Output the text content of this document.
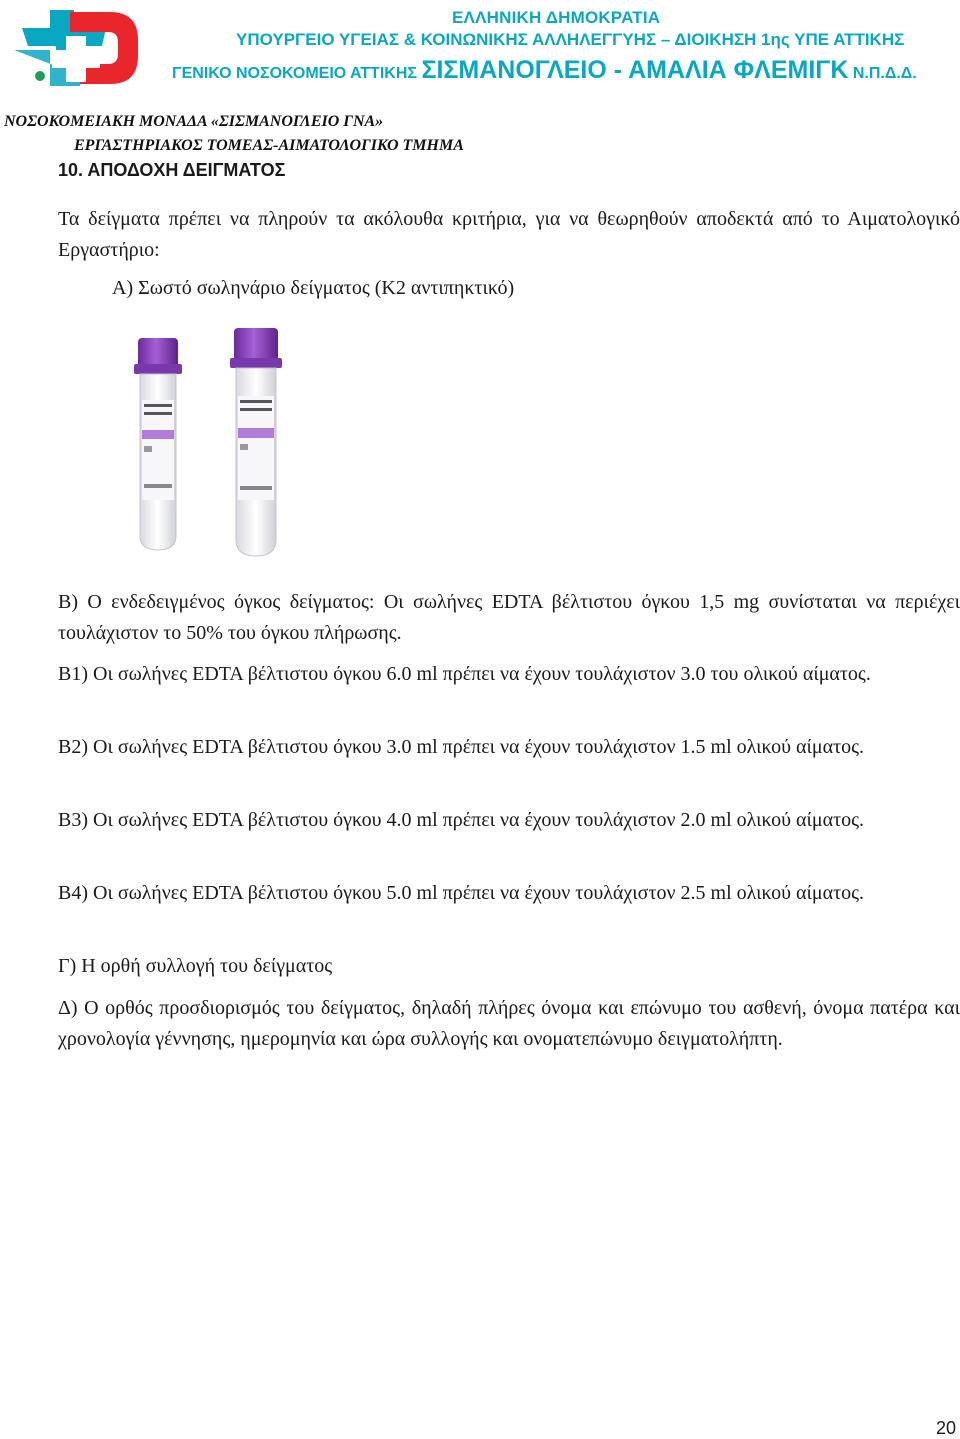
ΕΛΛΗΝΙΚΗ ΔΗΜΟΚΡΑΤΙΑ
ΥΠΟΥΡΓΕΙΟ ΥΓΕΙΑΣ & ΚΟΙΝΩΝΙΚΗΣ ΑΛΛΗΛΕΓΓΥΗΣ – ΔΙΟΙΚΗΣΗ 1ης ΥΠΕ ΑΤΤΙΚΗΣ
ΓΕΝΙΚΟ ΝΟΣΟΚΟΜΕΙΟ ΑΤΤΙΚΗΣ ΣΙΣΜΑΝΟΓΛΕΙΟ - ΑΜΑΛΙΑ ΦΛΕΜΙΓΚ Ν.Π.Δ.Δ.
ΝΟΣΟΚΟΜΕΙΑΚΗ ΜΟΝΑΔΑ «ΣΙΣΜΑΝΟΓΛΕΙΟ ΓΝΑ»
ΕΡΓΑΣΤΗΡΙΑΚΟΣ ΤΟΜΕΑΣ-ΑΙΜΑΤΟΛΟΓΙΚΟ ΤΜΗΜΑ
10. ΑΠΟΔΟΧΗ ΔΕΙΓΜΑΤΟΣ
Τα δείγματα πρέπει να πληρούν τα ακόλουθα κριτήρια, για να θεωρηθούν αποδεκτά από το Αιματολογικό Εργαστήριο:
Α) Σωστό σωληνάριο δείγματος (Κ2 αντιπηκτικό)
Β) Ο ενδεδειγμένος όγκος δείγματος: Οι σωλήνες EDTA βέλτιστου όγκου 1,5 mg συνίσταται να περιέχει τουλάχιστον το 50% του όγκου πλήρωσης.
Β1) Οι σωλήνες EDTA βέλτιστου όγκου 6.0 ml πρέπει να έχουν τουλάχιστον 3.0 του ολικού αίματος.
Β2) Οι σωλήνες EDTA βέλτιστου όγκου 3.0 ml πρέπει να έχουν τουλάχιστον 1.5 ml ολικού αίματος.
Β3) Οι σωλήνες EDTA βέλτιστου όγκου 4.0 ml πρέπει να έχουν τουλάχιστον 2.0 ml ολικού αίματος.
Β4) Οι σωλήνες EDTA βέλτιστου όγκου 5.0 ml πρέπει να έχουν τουλάχιστον 2.5 ml ολικού αίματος.
Γ) Η ορθή συλλογή του δείγματος
Δ) Ο ορθός προσδιορισμός του δείγματος, δηλαδή πλήρες όνομα και επώνυμο του ασθενή, όνομα πατέρα και χρονολογία γέννησης, ημερομηνία και ώρα συλλογής και ονοματεπώνυμο δειγματολήπτη.
20
